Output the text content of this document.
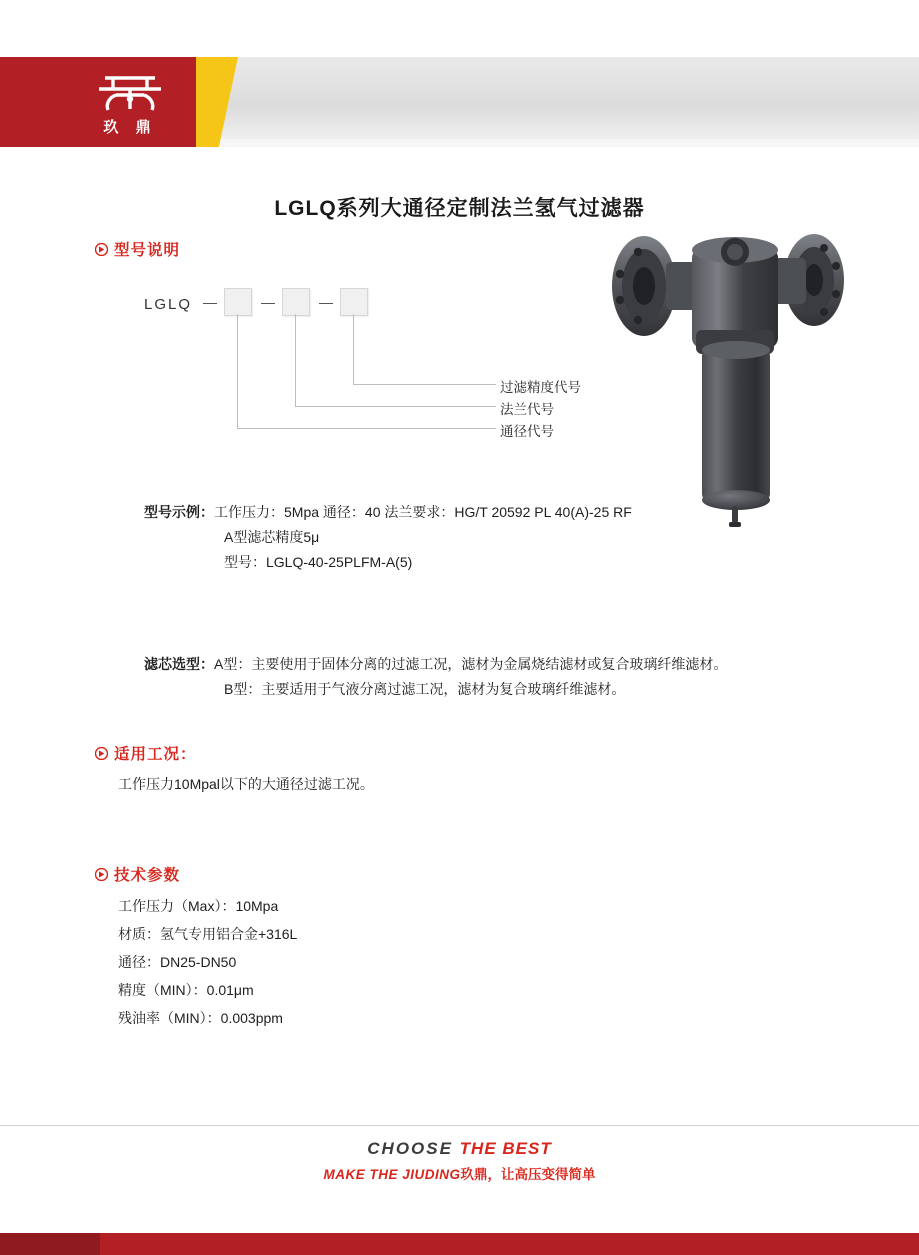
玖 鼎
LGLQ系列大通径定制法兰氢气过滤器
型号说明
LGLQ
过滤精度代号
法兰代号
通径代号
型号示例：工作压力：5Mpa 通径：40 法兰要求：HG/T 20592 PL 40(A)-25 RF
A型滤芯精度5μ
型号：LGLQ-40-25PLFM-A(5)
滤芯选型：A型：主要使用于固体分离的过滤工况，滤材为金属烧结滤材或复合玻璃纤维滤材。
B型：主要适用于气液分离过滤工况，滤材为复合玻璃纤维滤材。
适用工况：
工作压力10Mpal以下的大通径过滤工况。
技术参数
工作压力（Max）：10Mpa
材质：氢气专用铝合金+316L
通径：DN25-DN50
精度（MIN）：0.01μm
残油率（MIN）：0.003ppm
CHOOSE THE BEST
MAKE THE JIUDING玖鼎，让高压变得简单
